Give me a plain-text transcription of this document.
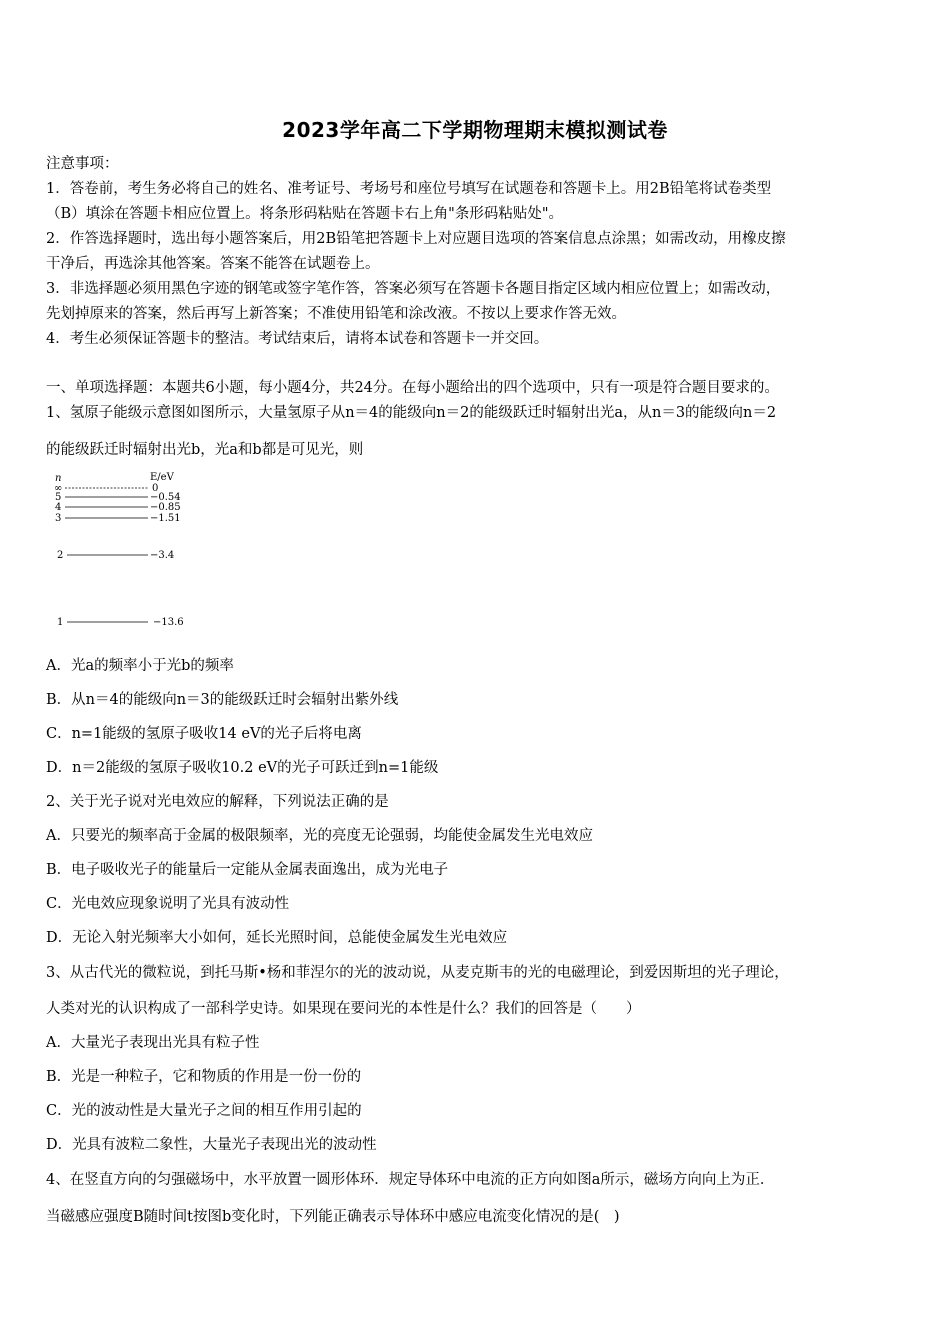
2023学年高二下学期物理期末模拟测试卷
注意事项：
1．答卷前，考生务必将自己的姓名、准考证号、考场号和座位号填写在试题卷和答题卡上。用2B铅笔将试卷类型
（B）填涂在答题卡相应位置上。将条形码粘贴在答题卡右上角"条形码粘贴处"。
2．作答选择题时，选出每小题答案后，用2B铅笔把答题卡上对应题目选项的答案信息点涂黑；如需改动，用橡皮擦
干净后，再选涂其他答案。答案不能答在试题卷上。
3．非选择题必须用黑色字迹的钢笔或签字笔作答，答案必须写在答题卡各题目指定区域内相应位置上；如需改动，
先划掉原来的答案，然后再写上新答案；不准使用铅笔和涂改液。不按以上要求作答无效。
4．考生必须保证答题卡的整洁。考试结束后，请将本试卷和答题卡一并交回。
一、单项选择题：本题共6小题，每小题4分，共24分。在每小题给出的四个选项中，只有一项是符合题目要求的。
1、氢原子能级示意图如图所示，大量氢原子从n＝4的能级向n＝2的能级跃迁时辐射出光a，从n＝3的能级向n＝2
的能级跃迁时辐射出光b，光a和b都是可见光，则
n	E/eV
∞	0
5	−0.54
4	−0.85
3	−1.51
2	−3.4
1	−13.6
A．光a的频率小于光b的频率
B．从n＝4的能级向n＝3的能级跃迁时会辐射出紫外线
C．n=1能级的氢原子吸收14 eV的光子后将电离
D．n＝2能级的氢原子吸收10.2 eV的光子可跃迁到n=1能级
2、关于光子说对光电效应的解释，下列说法正确的是
A．只要光的频率高于金属的极限频率，光的亮度无论强弱，均能使金属发生光电效应
B．电子吸收光子的能量后一定能从金属表面逸出，成为光电子
C．光电效应现象说明了光具有波动性
D．无论入射光频率大小如何，延长光照时间，总能使金属发生光电效应
3、从古代光的微粒说，到托马斯•杨和菲涅尔的光的波动说，从麦克斯韦的光的电磁理论，到爱因斯坦的光子理论，
人类对光的认识构成了一部科学史诗。如果现在要问光的本性是什么？我们的回答是（　　）
A．大量光子表现出光具有粒子性
B．光是一种粒子，它和物质的作用是一份一份的
C．光的波动性是大量光子之间的相互作用引起的
D．光具有波粒二象性，大量光子表现出光的波动性
4、在竖直方向的匀强磁场中，水平放置一圆形体环．规定导体环中电流的正方向如图a所示，磁场方向向上为正．
当磁感应强度B随时间t按图b变化时，下列能正确表示导体环中感应电流变化情况的是(　)
